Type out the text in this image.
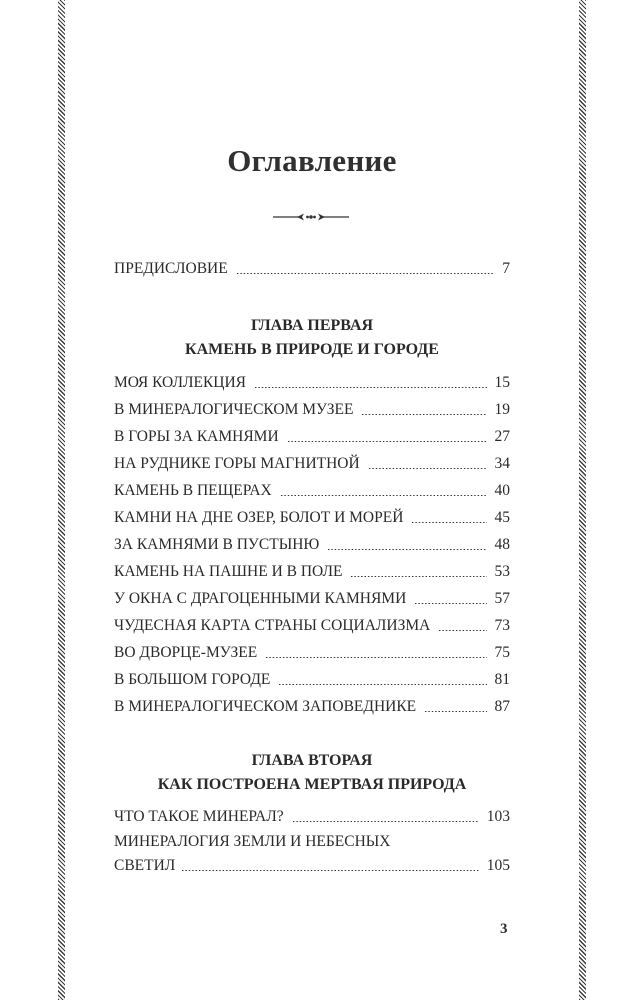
Оглавление
ПРЕДИСЛОВИЕ	7
ГЛАВА ПЕРВАЯ
КАМЕНЬ В ПРИРОДЕ И ГОРОДЕ
МОЯ КОЛЛЕКЦИЯ	15
В МИНЕРАЛОГИЧЕСКОМ МУЗЕЕ	19
В ГОРЫ ЗА КАМНЯМИ	27
НА РУДНИКЕ ГОРЫ МАГНИТНОЙ	34
КАМЕНЬ В ПЕЩЕРАХ	40
КАМНИ НА ДНЕ ОЗЕР, БОЛОТ И МОРЕЙ	45
ЗА КАМНЯМИ В ПУСТЫНЮ	48
КАМЕНЬ НА ПАШНЕ И В ПОЛЕ	53
У ОКНА С ДРАГОЦЕННЫМИ КАМНЯМИ	57
ЧУДЕСНАЯ КАРТА СТРАНЫ СОЦИАЛИЗМА	73
ВО ДВОРЦЕ-МУЗЕЕ	75
В БОЛЬШОМ ГОРОДЕ	81
В МИНЕРАЛОГИЧЕСКОМ ЗАПОВЕДНИКЕ	87
ГЛАВА ВТОРАЯ
КАК ПОСТРОЕНА МЕРТВАЯ ПРИРОДА
ЧТО ТАКОЕ МИНЕРАЛ?	103
МИНЕРАЛОГИЯ ЗЕМЛИ И НЕБЕСНЫХ
СВЕТИЛ	105
3
